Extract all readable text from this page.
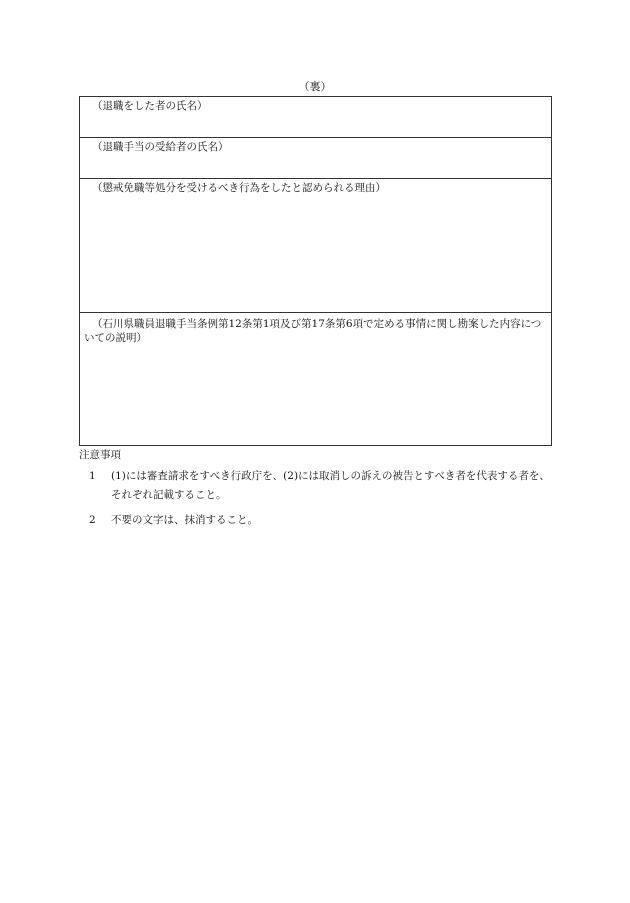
（裏）
（退職をした者の氏名）
（退職手当の受給者の氏名）
（懲戒免職等処分を受けるべき行為をしたと認められる理由）
（石川県職員退職手当条例第12条第1項及び第17条第6項で定める事情に関し勘案した内容についての説明）
注意事項
1	(1)には審査請求をすべき行政庁を、(2)には取消しの訴えの被告とすべき者を代表する者を、それぞれ記載すること。
2	不要の文字は、抹消すること。
